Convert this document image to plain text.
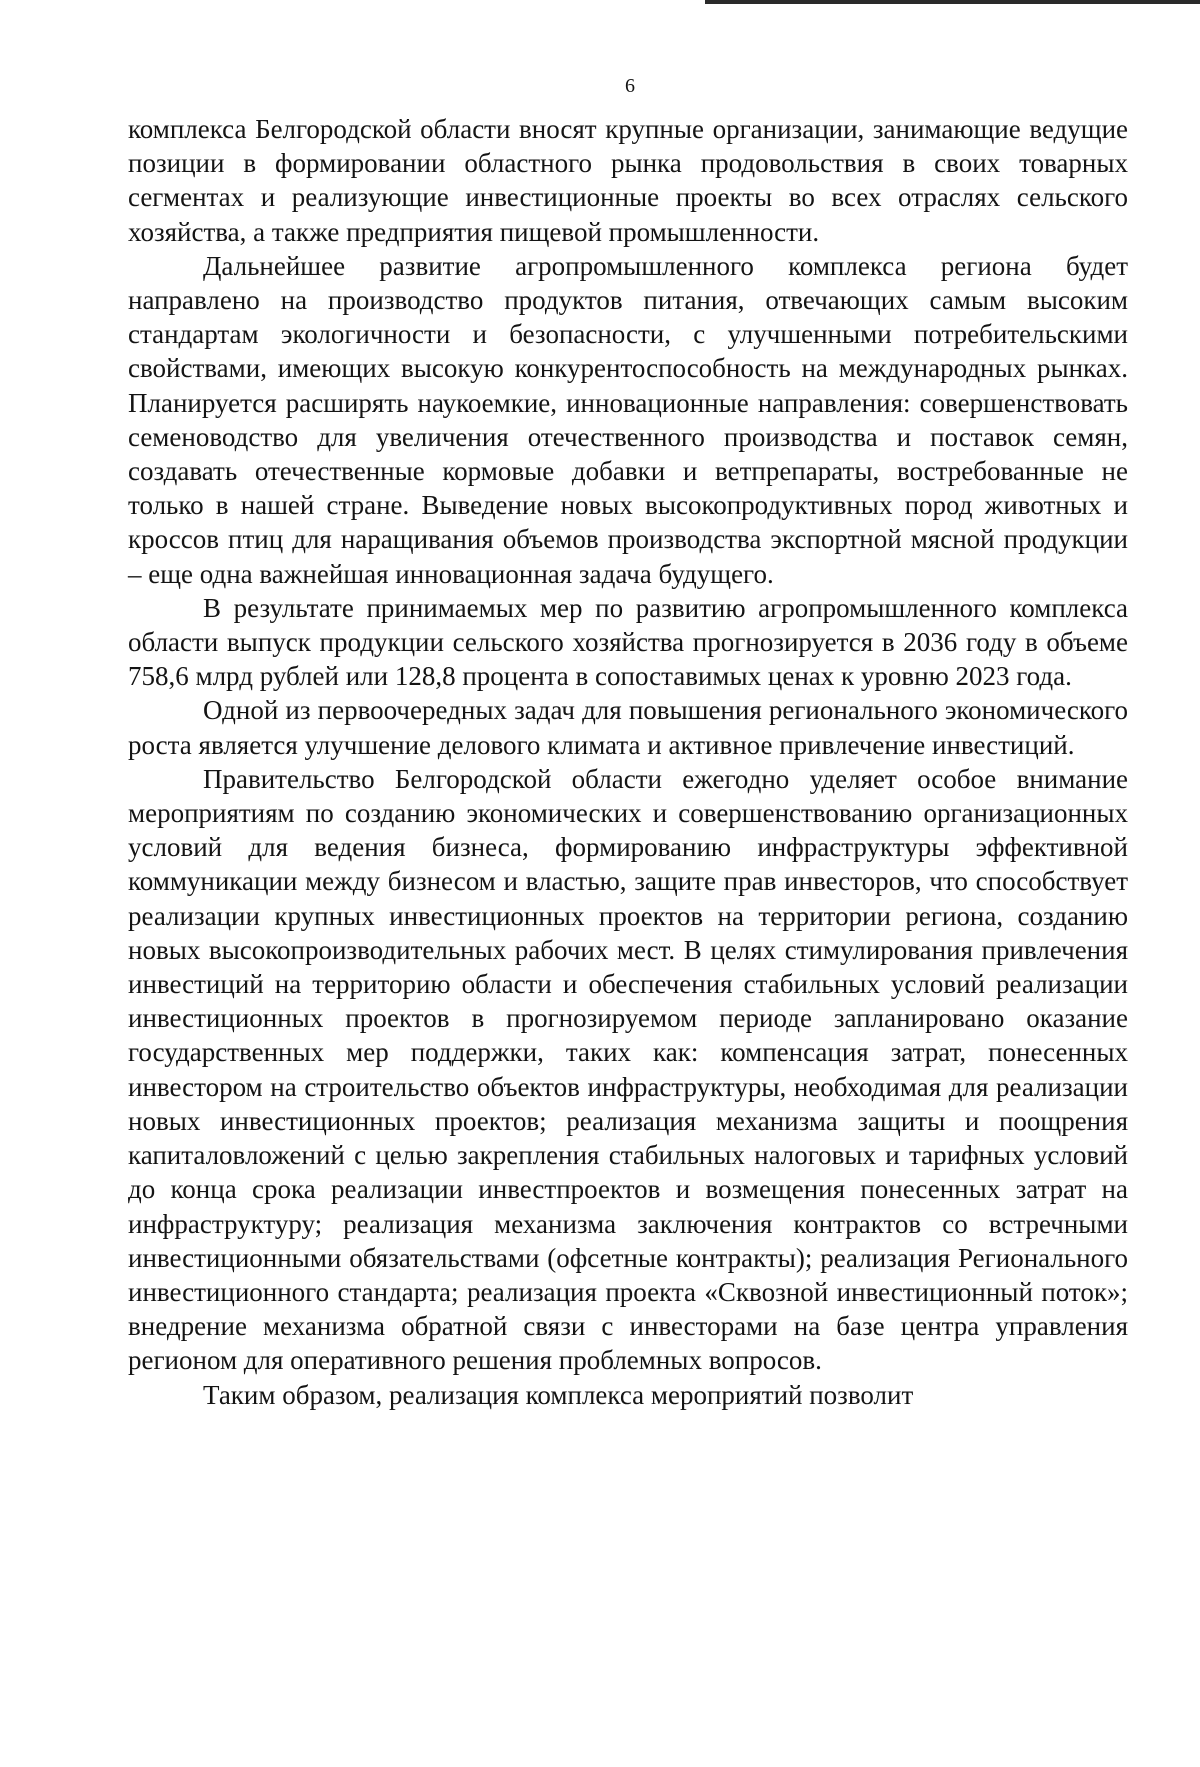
6

комплекса Белгородской области вносят крупные организации, занимающие ведущие позиции в формировании областного рынка продовольствия в своих товарных сегментах и реализующие инвестиционные проекты во всех отраслях сельского хозяйства, а также предприятия пищевой промышленности.

Дальнейшее развитие агропромышленного комплекса региона будет направлено на производство продуктов питания, отвечающих самым высоким стандартам экологичности и безопасности, с улучшенными потребительскими свойствами, имеющих высокую конкурентоспособность на международных рынках. Планируется расширять наукоемкие, инновационные направления: совершенствовать семеноводство для увеличения отечественного производства и поставок семян, создавать отечественные кормовые добавки и ветпрепараты, востребованные не только в нашей стране. Выведение новых высокопродуктивных пород животных и кроссов птиц для наращивания объемов производства экспортной мясной продукции – еще одна важнейшая инновационная задача будущего.

В результате принимаемых мер по развитию агропромышленного комплекса области выпуск продукции сельского хозяйства прогнозируется в 2036 году в объеме 758,6 млрд рублей или 128,8 процента в сопоставимых ценах к уровню 2023 года.

Одной из первоочередных задач для повышения регионального экономического роста является улучшение делового климата и активное привлечение инвестиций.

Правительство Белгородской области ежегодно уделяет особое внимание мероприятиям по созданию экономических и совершенствованию организационных условий для ведения бизнеса, формированию инфраструктуры эффективной коммуникации между бизнесом и властью, защите прав инвесторов, что способствует реализации крупных инвестиционных проектов на территории региона, созданию новых высокопроизводительных рабочих мест. В целях стимулирования привлечения инвестиций на территорию области и обеспечения стабильных условий реализации инвестиционных проектов в прогнозируемом периоде запланировано оказание государственных мер поддержки, таких как: компенсация затрат, понесенных инвестором на строительство объектов инфраструктуры, необходимая для реализации новых инвестиционных проектов; реализация механизма защиты и поощрения капиталовложений с целью закрепления стабильных налоговых и тарифных условий до конца срока реализации инвестпроектов и возмещения понесенных затрат на инфраструктуру; реализация механизма заключения контрактов со встречными инвестиционными обязательствами (офсетные контракты); реализация Регионального инвестиционного стандарта; реализация проекта «Сквозной инвестиционный поток»; внедрение механизма обратной связи с инвесторами на базе центра управления регионом для оперативного решения проблемных вопросов.

Таким образом, реализация комплекса мероприятий позволит
